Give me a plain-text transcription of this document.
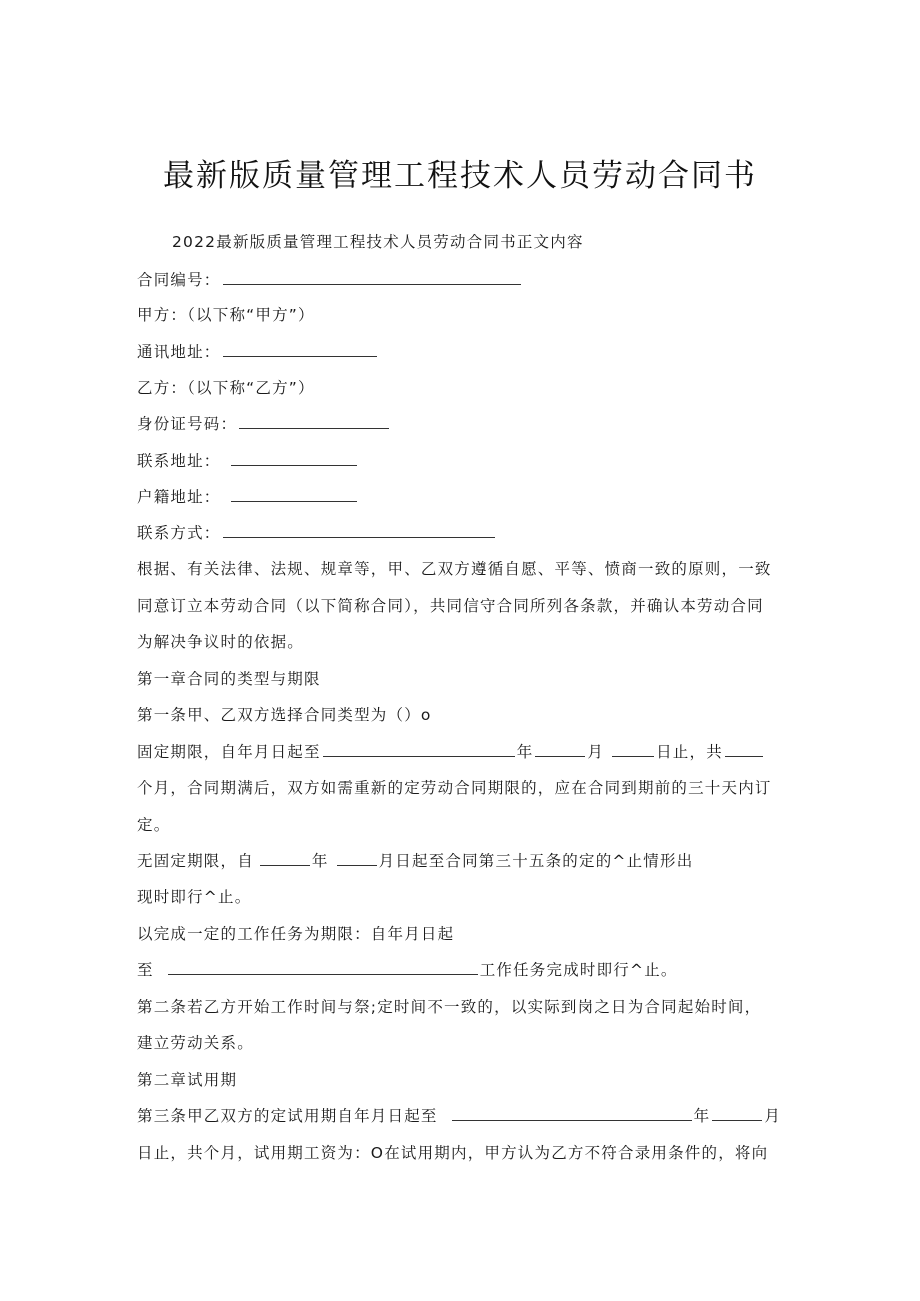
最新版质量管理工程技术人员劳动合同书
2022最新版质量管理工程技术人员劳动合同书正文内容
合同编号：
甲方：（以下称“甲方”）
通讯地址：
乙方：（以下称“乙方”）
身份证号码：
联系地址：
户籍地址：
联系方式：
根据、有关法律、法规、规章等，甲、乙双方遵循自愿、平等、愤商一致的原则，一致
同意订立本劳动合同（以下简称合同），共同信守合同所列各条款，并确认本劳动合同
为解决争议时的依据。
第一章合同的类型与期限
第一条甲、乙双方选择合同类型为（）o
固定期限，自年月日起至	年	月	日止，共
个月，合同期满后，双方如需重新的定劳动合同期限的，应在合同到期前的三十天内订
定。
无固定期限，自	年	月日起至合同第三十五条的定的^止情形出
现时即行^止。
以完成一定的工作任务为期限：自年月日起
至	工作任务完成时即行^止。
第二条若乙方开始工作时间与祭;定时间不一致的，以实际到岗之日为合同起始时间，
建立劳动关系。
第二章试用期
第三条甲乙双方的定试用期自年月日起至	年	月
日止，共个月，试用期工资为：O在试用期内，甲方认为乙方不符合录用条件的，将向
